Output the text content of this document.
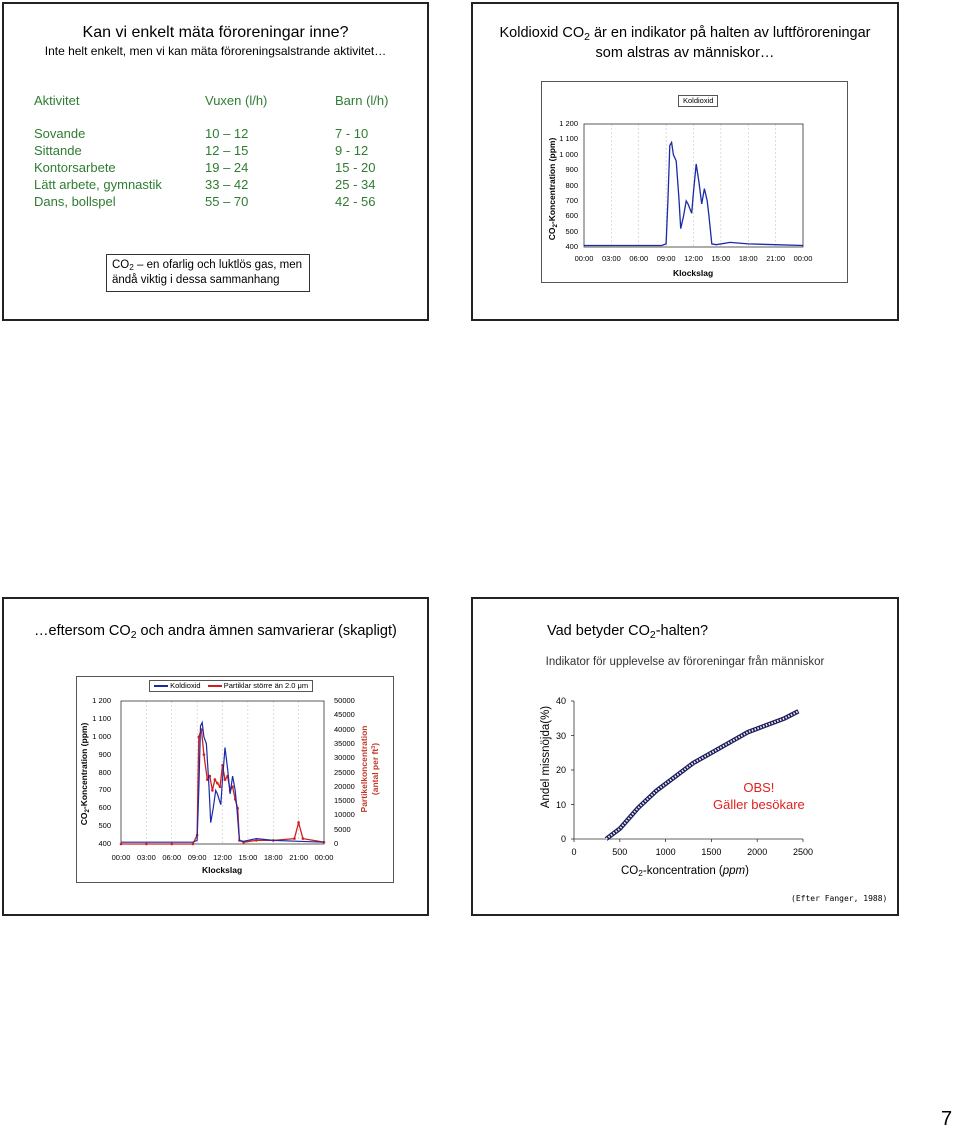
Kan vi enkelt mäta föroreningar inne?
Inte helt enkelt, men vi kan mäta föroreningsalstrande aktivitet…
Aktivitet	Vuxen (l/h)	Barn (l/h)
Sovande	10 – 12	7 - 10
Sittande	12 – 15	9 - 12
Kontorsarbete	19 – 24	15 - 20
Lätt arbete, gymnastik	33 – 42	25 - 34
Dans, bollspel	55 – 70	42 - 56
$CO_2$ – en ofarlig och luktlös gas, men
ändå viktig i dessa sammanhang
Koldioxid $CO_2$ är en indikator på halten av luftföroreningar
som alstras av människor…
Koldioxid
$CO_2$-Koncentration (ppm)
1 200
1 100
1 000
900
800
700
600
500
400
00:00 03:00 06:00 09:00 12:00 15:00 18:00 21:00 00:00
Klockslag
…eftersom $CO_2$ och andra ämnen samvarierar (skapligt)
Koldioxid	Partiklar större än 2.0 μm
$CO_2$-Koncentration (ppm)	Partikelkoncentration (antal per $ft^3$)
1 200
1 100
1 000
900
800
700
600
500
400
50000
45000
40000
35000
30000
25000
20000
15000
10000
5000
0
00:00 03:00 06:00 09:00 12:00 15:00 18:00 21:00 00:00
Klockslag
Vad betyder $CO_2$-halten?
Indikator för upplevelse av föroreningar från människor
Andel missnöjda(%)
40
30
20
10
0
0	500	1000	1500	2000	2500
$CO_2$-koncentration (ppm)
OBS!
Gäller besökare
(Efter Fanger, 1988)
7
